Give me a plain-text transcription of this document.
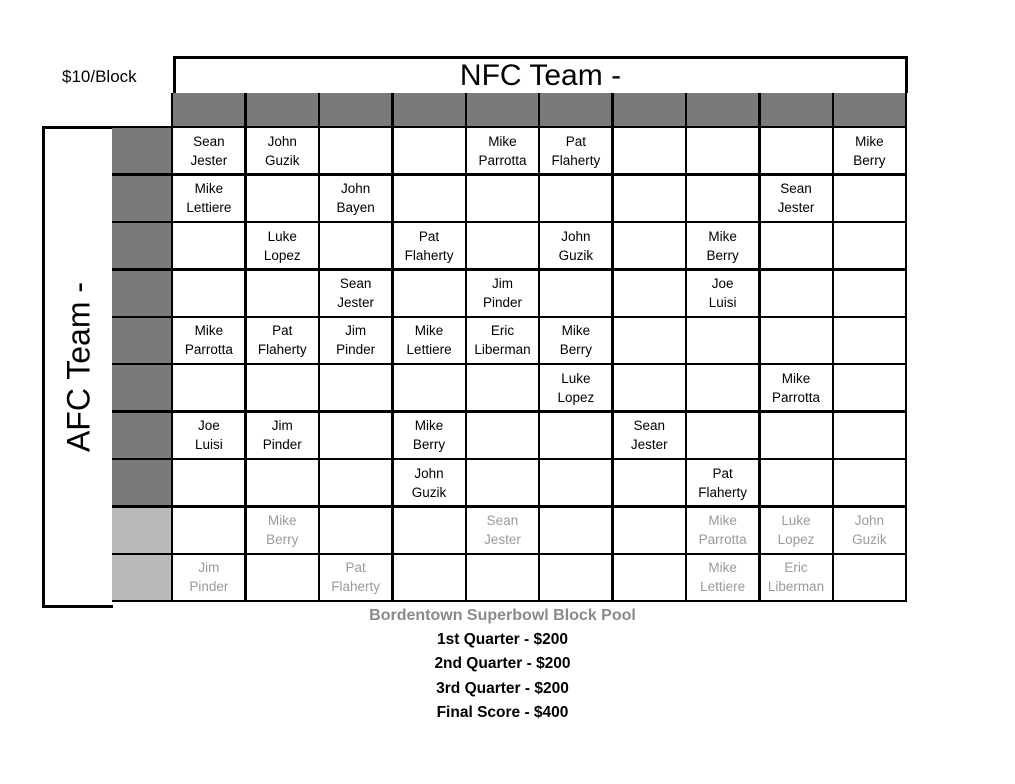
$10/Block	NFC Team -
AFC Team -
Sean
Jester
John
Guzik
Mike
Parrotta
Pat
Flaherty
Mike
Berry
Mike
Lettiere
John
Bayen
Sean
Jester
Luke
Lopez
Pat
Flaherty
John
Guzik
Mike
Berry
Sean
Jester
Jim
Pinder
Joe
Luisi
Mike
Parrotta
Pat
Flaherty
Jim
Pinder
Mike
Lettiere
Eric
Liberman
Mike
Berry
Luke
Lopez
Mike
Parrotta
Joe
Luisi
Jim
Pinder
Mike
Berry
Sean
Jester
John
Guzik
Pat
Flaherty
Mike
Berry
Sean
Jester
Mike
Parrotta
Luke
Lopez
John
Guzik
Jim
Pinder
Pat
Flaherty
Mike
Lettiere
Eric
Liberman
Bordentown Superbowl Block Pool
1st Quarter - $200
2nd Quarter - $200
3rd Quarter - $200
Final Score - $400
